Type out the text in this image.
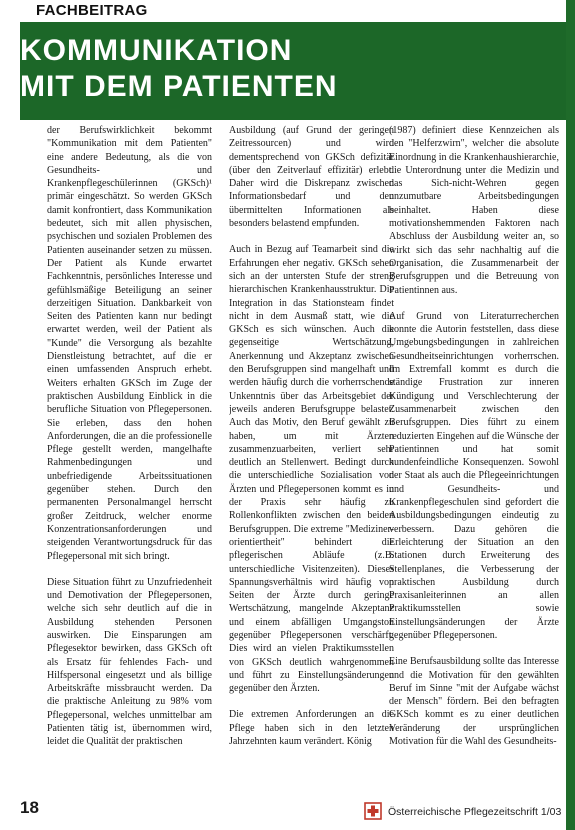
FACHBEITRAG
KOMMUNIKATION
MIT DEM PATIENTEN

der Berufswirklichkeit bekommt "Kommunikation mit dem Patienten" eine andere Bedeutung, als die von Gesundheits- und Krankenpflegeschülerinnen (GKSch)¹ primär eingeschätzt. So werden GKSch damit konfrontiert, dass Kommunikation bedeutet, sich mit allen physischen, psychischen und sozialen Problemen des Patienten auseinander setzen zu müssen. Der Patient als Kunde erwartet Fachkenntnis, persönliches Interesse und gefühlsmäßige Beteiligung an seiner derzeitigen Situation. Dankbarkeit von Seiten des Patienten kann nur bedingt erwartet werden, weil der Patient als "Kunde" die Versorgung als bezahlte Dienstleistung betrachtet, auf die er einen umfassenden Anspruch erhebt. Weiters erhalten GKSch im Zuge der praktischen Ausbildung Einblick in die berufliche Situation von Pflegepersonen. Sie erleben, dass den hohen Anforderungen, die an die professionelle Pflege gestellt werden, mangelhafte Rahmenbedingungen und unbefriedigende Arbeitssituationen gegenüber stehen. Durch den permanenten Personalmangel herrscht großer Zeitdruck, welcher enorme Konzentrationsanforderungen und steigenden Verantwortungsdruck für das Pflegepersonal mit sich bringt.

Diese Situation führt zu Unzufriedenheit und Demotivation der Pflegepersonen, welche sich sehr deutlich auf die in Ausbildung stehenden Personen auswirken. Die Einsparungen am Pflegesektor bewirken, dass GKSch oft als Ersatz für fehlendes Fach- und Hilfspersonal eingesetzt und als billige Arbeitskräfte missbraucht werden. Da die praktische Anleitung zu 98% vom Pflegepersonal, welches unmittelbar am Patienten tätig ist, übernommen wird, leidet die Qualität der praktischen

Ausbildung (auf Grund der geringen Zeitressourcen) und wird dementsprechend von GKSch defizitär (über den Zeitverlauf effizitär) erlebt. Daher wird die Diskrepanz zwischen Informationsbedarf und den übermittelten Informationen als besonders belastend empfunden.

Auch in Bezug auf Teamarbeit sind die Erfahrungen eher negativ. GKSch sehen sich an der untersten Stufe der streng hierarchischen Krankenhausstruktur. Die Integration in das Stationsteam findet nicht in dem Ausmaß statt, wie die GKSch es sich wünschen. Auch die gegenseitige Wertschätzung, Anerkennung und Akzeptanz zwischen den Berufsgruppen sind mangelhaft und werden häufig durch die vorherrschende Unkenntnis über das Arbeitsgebiet der jeweils anderen Berufsgruppe belastet. Auch das Motiv, den Beruf gewählt zu haben, um mit Ärzten zusammenzuarbeiten, verliert sehr deutlich an Stellenwert. Bedingt durch die unterschiedliche Sozialisation von Ärzten und Pflegepersonen kommt es in der Praxis sehr häufig zu Rollenkonflikten zwischen den beiden Berufsgruppen. Die extreme "Mediziner-orientiertheit" behindert die pflegerischen Abläufe (z.B. unterschiedliche Visitenzeiten). Dieses Spannungsverhältnis wird häufig von Seiten der Ärzte durch geringe Wertschätzung, mangelnde Akzeptanz und einem abfälligen Umgangston gegenüber Pflegepersonen verschärft. Dies wird an vielen Praktikumsstellen von GKSch deutlich wahrgenommen und führt zu Einstellungsänderungen gegenüber den Ärzten.

Die extremen Anforderungen an die Pflege haben sich in den letzten Jahrzehnten kaum verändert. König

(1987) definiert diese Kennzeichen als den "Helferzwirn", welcher die absolute Einordnung in die Krankenhaushierarchie, die Unterordnung unter die Medizin und das Sich-nicht-Wehren gegen unzumutbare Arbeitsbedingungen beinhaltet. Haben diese motivationshemmenden Faktoren nach Abschluss der Ausbildung weiter an, so wirkt sich das sehr nachhaltig auf die Organisation, die Zusammenarbeit der Berufsgruppen und die Betreuung von Patientinnen aus.

Auf Grund von Literaturrecherchen konnte die Autorin feststellen, dass diese Umgebungsbedingungen in zahlreichen Gesundheitseinrichtungen vorherrschen. Im Extremfall kommt es durch die ständige Frustration zur inneren Kündigung und Verschlechterung der Zusammenarbeit zwischen den Berufsgruppen. Dies führt zu einem reduzierten Eingehen auf die Wünsche der Patientinnen und hat somit kundenfeindliche Konsequenzen. Sowohl der Staat als auch die Pflegeeinrichtungen und Gesundheits- und Krankenpflegeschulen sind gefordert die Ausbildungsbedingungen eindeutig zu verbessern. Dazu gehören die Erleichterung der Situation an den Stationen durch Erweiterung des Stellenplanes, die Verbesserung der praktischen Ausbildung durch Praxisanleiterinnen an allen Praktikumsstellen sowie Einstellungsänderungen der Ärzte gegenüber Pflegepersonen.

Eine Berufsausbildung sollte das Interesse und die Motivation für den gewählten Beruf im Sinne "mit der Aufgabe wächst der Mensch" fördern. Bei den befragten GKSch kommt es zu einer deutlichen Veränderung der ursprünglichen Motivation für die Wahl des Gesundheits-

18	Österreichische Pflegezeitschrift 1/03
